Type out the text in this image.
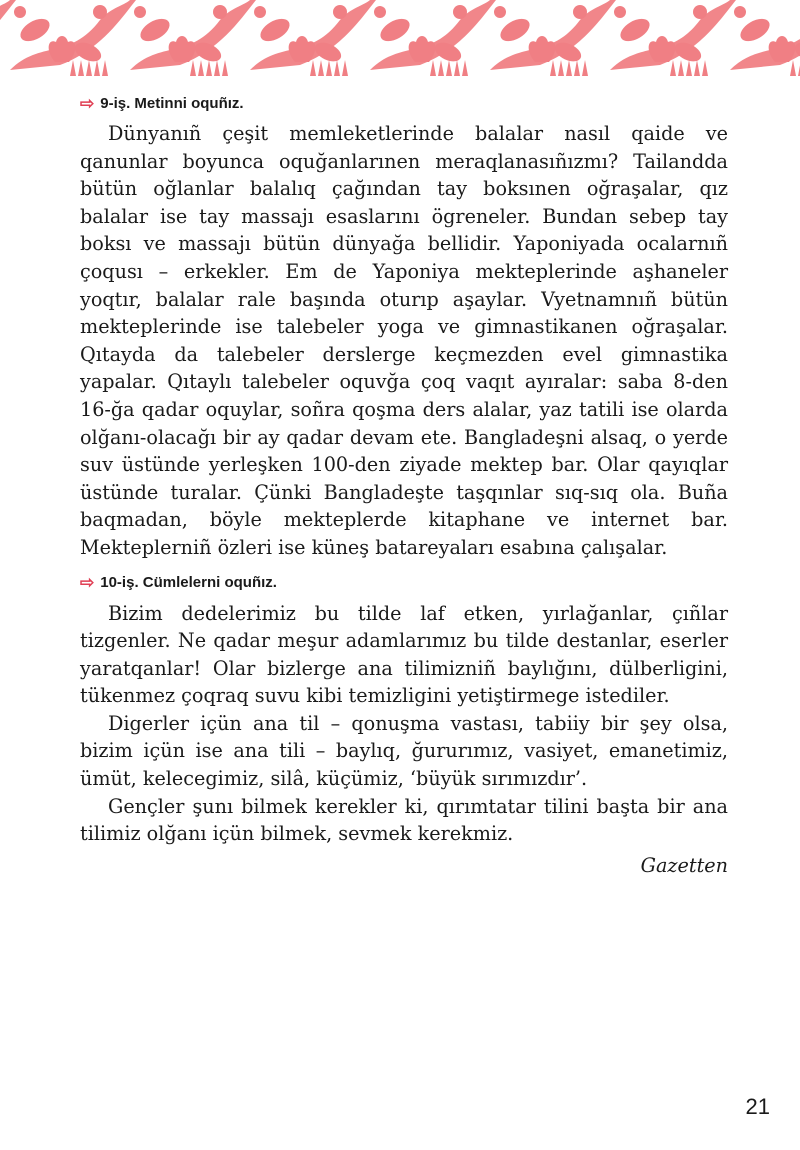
⇨ 9-iş. Metinni oquñız.

Dünyanıñ çeşit memleketlerinde balalar nasıl qaide ve qanunlar boyunca oquğanlarınen meraqlanasıñızmı? Tailandda bütün oğlanlar balalıq çağından tay boksınen oğraşalar, qız balalar ise tay massajı esaslarını ögreneler. Bundan sebep tay boksı ve massajı bütün dünyağa bellidir. Yaponiyada ocalarnıñ çoqusı – erkekler. Em de Yaponiya mekteplerinde aşhaneler yoqtır, balalar rale başında oturıp aşaylar. Vyetnamnıñ bütün mekteplerinde ise talebeler yoga ve gimnastikanen oğraşalar. Qıtayda da talebeler derslerge keçmezden evel gimnastika yapalar. Qıtaylı talebeler oquvğa çoq vaqıt ayıralar: saba 8-den 16-ğa qadar oquylar, soñra qoşma ders alalar, yaz tatili ise olarda olğanı-olacağı bir ay qadar devam ete. Bangladeşni alsaq, o yerde suv üstünde yerleşken 100-den ziyade mektep bar. Olar qayıqlar üstünde turalar. Çünki Bangladeşte taşqınlar sıq-sıq ola. Buña baqmadan, böyle mekteplerde kitaphane ve internet bar. Mekteplerniñ özleri ise küneş batareyaları esabına çalışalar.

⇨ 10-iş. Cümlelerni oquñız.

Bizim dedelerimiz bu tilde laf etken, yırlağanlar, çıñlar tizgenler. Ne qadar meşur adamlarımız bu tilde destanlar, eserler yaratqanlar! Olar bizlerge ana tilimizniñ baylığını, dülberligini, tükenmez çoqraq suvu kibi temizligini yetiştirmege istediler.

Digerler içün ana til – qonuşma vastası, tabiiy bir şey olsa, bizim içün ise ana tili – baylıq, ğururımız, vasiyet, emanetimiz, ümüt, kelecegimiz, silâ, küçümiz, ‘büyük sırımızdır’.

Gençler şunı bilmek kerekler ki, qırımtatar tilini başta bir ana tilimiz olğanı içün bilmek, sevmek kerekmiz.

Gazetten
21
